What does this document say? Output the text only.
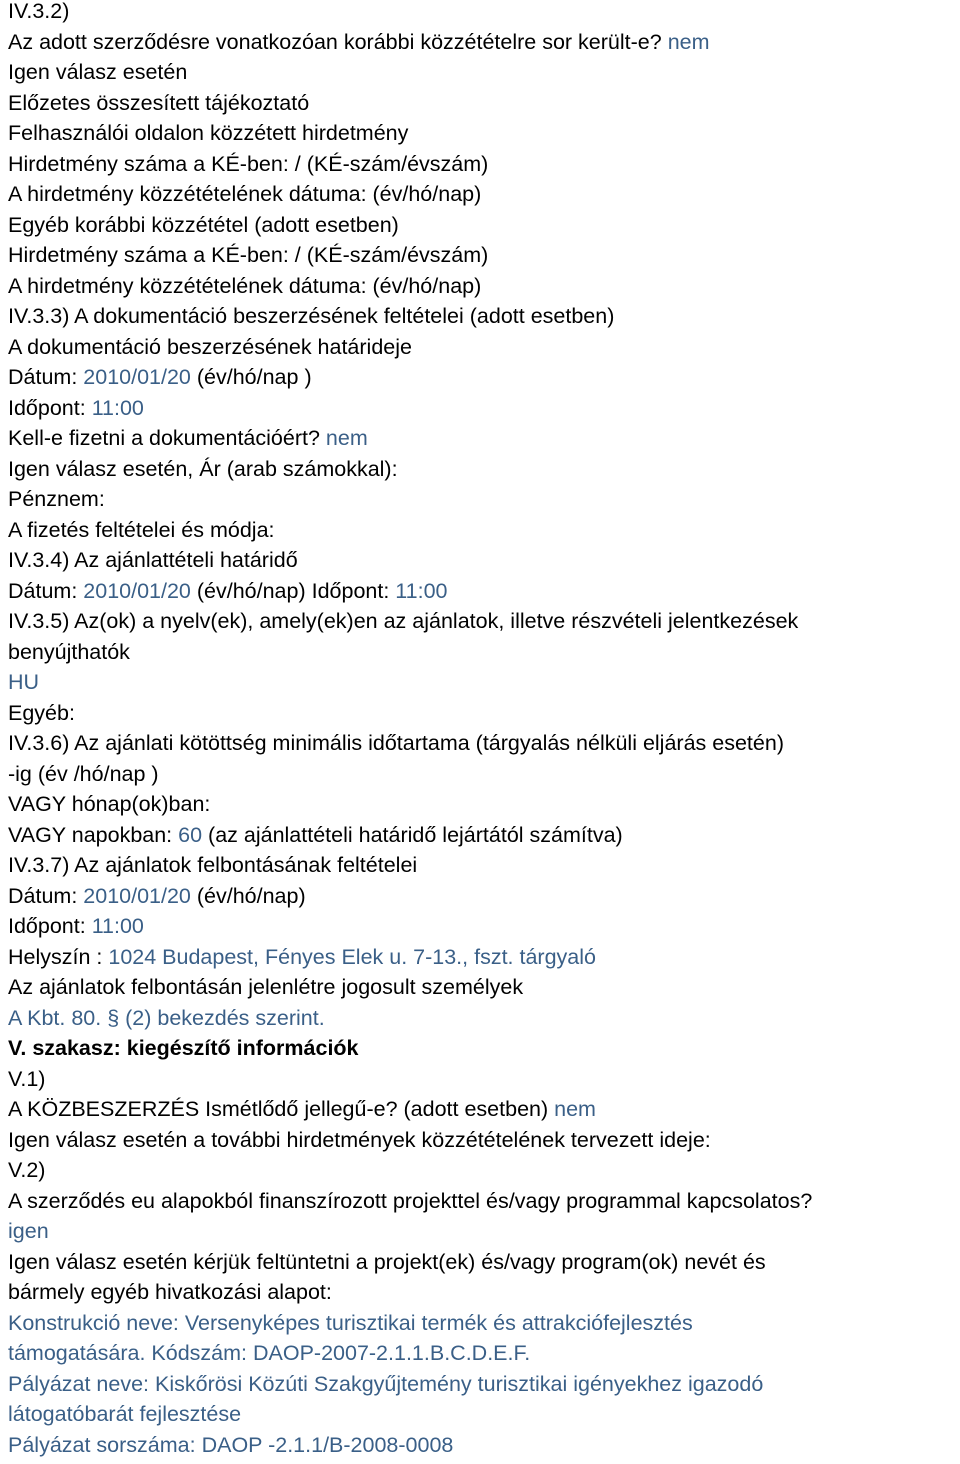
IV.3.2)
Az adott szerződésre vonatkozóan korábbi közzétételre sor került-e? nem
Igen válasz esetén
Előzetes összesített tájékoztató
Felhasználói oldalon közzétett hirdetmény
Hirdetmény száma a KÉ-ben: / (KÉ-szám/évszám)
A hirdetmény közzétételének dátuma: (év/hó/nap)
Egyéb korábbi közzététel (adott esetben)
Hirdetmény száma a KÉ-ben: / (KÉ-szám/évszám)
A hirdetmény közzétételének dátuma: (év/hó/nap)
IV.3.3) A dokumentáció beszerzésének feltételei (adott esetben)
A dokumentáció beszerzésének határideje
Dátum: 2010/01/20 (év/hó/nap )
Időpont: 11:00
Kell-e fizetni a dokumentációért? nem
Igen válasz esetén, Ár (arab számokkal):
Pénznem:
A fizetés feltételei és módja:
IV.3.4) Az ajánlattételi határidő
Dátum: 2010/01/20 (év/hó/nap) Időpont: 11:00
IV.3.5) Az(ok) a nyelv(ek), amely(ek)en az ajánlatok, illetve részvételi jelentkezések
benyújthatók
HU
Egyéb:
IV.3.6) Az ajánlati kötöttség minimális időtartama (tárgyalás nélküli eljárás esetén)
-ig (év /hó/nap )
VAGY hónap(ok)ban:
VAGY napokban: 60 (az ajánlattételi határidő lejártától számítva)
IV.3.7) Az ajánlatok felbontásának feltételei
Dátum: 2010/01/20 (év/hó/nap)
Időpont: 11:00
Helyszín : 1024 Budapest, Fényes Elek u. 7-13., fszt. tárgyaló
Az ajánlatok felbontásán jelenlétre jogosult személyek
A Kbt. 80. § (2) bekezdés szerint.
V. szakasz: kiegészítő információk
V.1)
A KÖZBESZERZÉS Ismétlődő jellegű-e? (adott esetben) nem
Igen válasz esetén a további hirdetmények közzétételének tervezett ideje:
V.2)
A szerződés eu alapokból finanszírozott projekttel és/vagy programmal kapcsolatos?
igen
Igen válasz esetén kérjük feltüntetni a projekt(ek) és/vagy program(ok) nevét és
bármely egyéb hivatkozási alapot:
Konstrukció neve: Versenyképes turisztikai termék és attrakciófejlesztés
támogatására. Kódszám: DAOP-2007-2.1.1.B.C.D.E.F.
Pályázat neve: Kiskőrösi Közúti Szakgyűjtemény turisztikai igényekhez igazodó
látogatóbarát fejlesztése
Pályázat sorszáma: DAOP -2.1.1/B-2008-0008
